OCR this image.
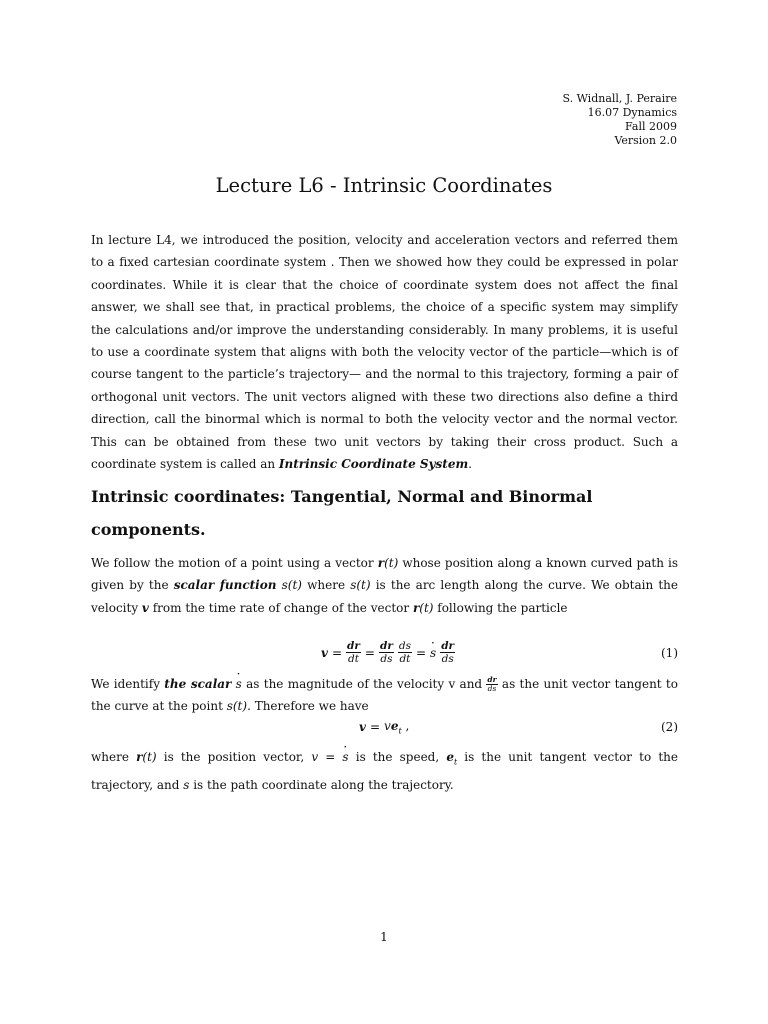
S. Widnall, J. Peraire
16.07 Dynamics
Fall 2009
Version 2.0
Lecture L6 - Intrinsic Coordinates
In lecture L4, we introduced the position, velocity and acceleration vectors and referred them to a fixed cartesian coordinate system . Then we showed how they could be expressed in polar coordinates. While it is clear that the choice of coordinate system does not affect the final answer, we shall see that, in practical problems, the choice of a specific system may simplify the calculations and/or improve the understanding considerably. In many problems, it is useful to use a coordinate system that aligns with both the velocity vector of the particle—which is of course tangent to the particle’s trajectory— and the normal to this trajectory, forming a pair of orthogonal unit vectors. The unit vectors aligned with these two directions also define a third direction, call the binormal which is normal to both the velocity vector and the normal vector. This can be obtained from these two unit vectors by taking their cross product. Such a coordinate system is called an Intrinsic Coordinate System.
Intrinsic coordinates: Tangential, Normal and Binormal components.
We follow the motion of a point using a vector r(t) whose position along a known curved path is given by the scalar function s(t) where s(t) is the arc length along the curve. We obtain the velocity v from the time rate of change of the vector r(t) following the particle
$v = \frac{dr}{dt} = \frac{dr}{ds} \frac{ds}{dt} = s \cdot \frac{dr}{ds}$	(1)
We identify the scalar s · as the magnitude of the velocity v and $\frac{dr}{ds}$ as the unit vector tangent to the curve at the point s(t). Therefore we have
$v = ve_t$ ,	(2)
where r(t) is the position vector, v = s · is the speed, $e_t$ is the unit tangent vector to the trajectory, and s is the path coordinate along the trajectory.
1
